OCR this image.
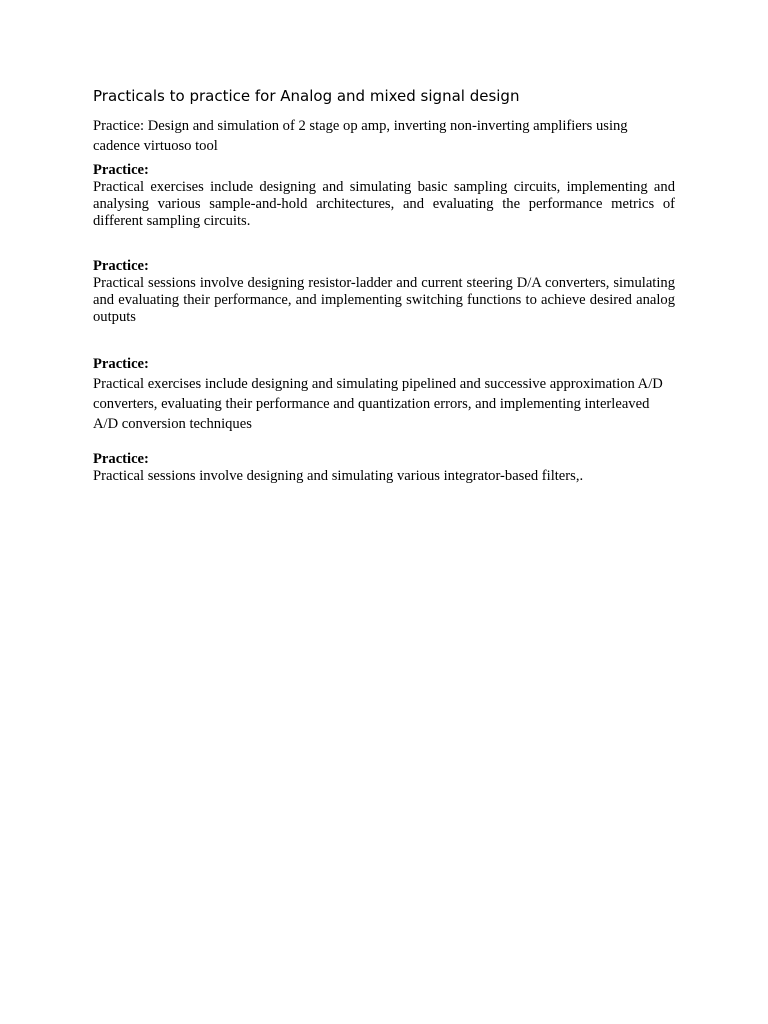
Practicals to practice for Analog and mixed signal design

Practice: Design and simulation of 2 stage op amp, inverting non-inverting amplifiers using cadence virtuoso tool

Practice:

Practical exercises include designing and simulating basic sampling circuits, implementing and analysing various sample-and-hold architectures, and evaluating the performance metrics of different sampling circuits.

Practice:

Practical sessions involve designing resistor-ladder and current steering D/A converters, simulating and evaluating their performance, and implementing switching functions to achieve desired analog outputs

Practice:

Practical exercises include designing and simulating pipelined and successive approximation A/D converters, evaluating their performance and quantization errors, and implementing interleaved A/D conversion techniques

Practice:

Practical sessions involve designing and simulating various integrator-based filters,.
